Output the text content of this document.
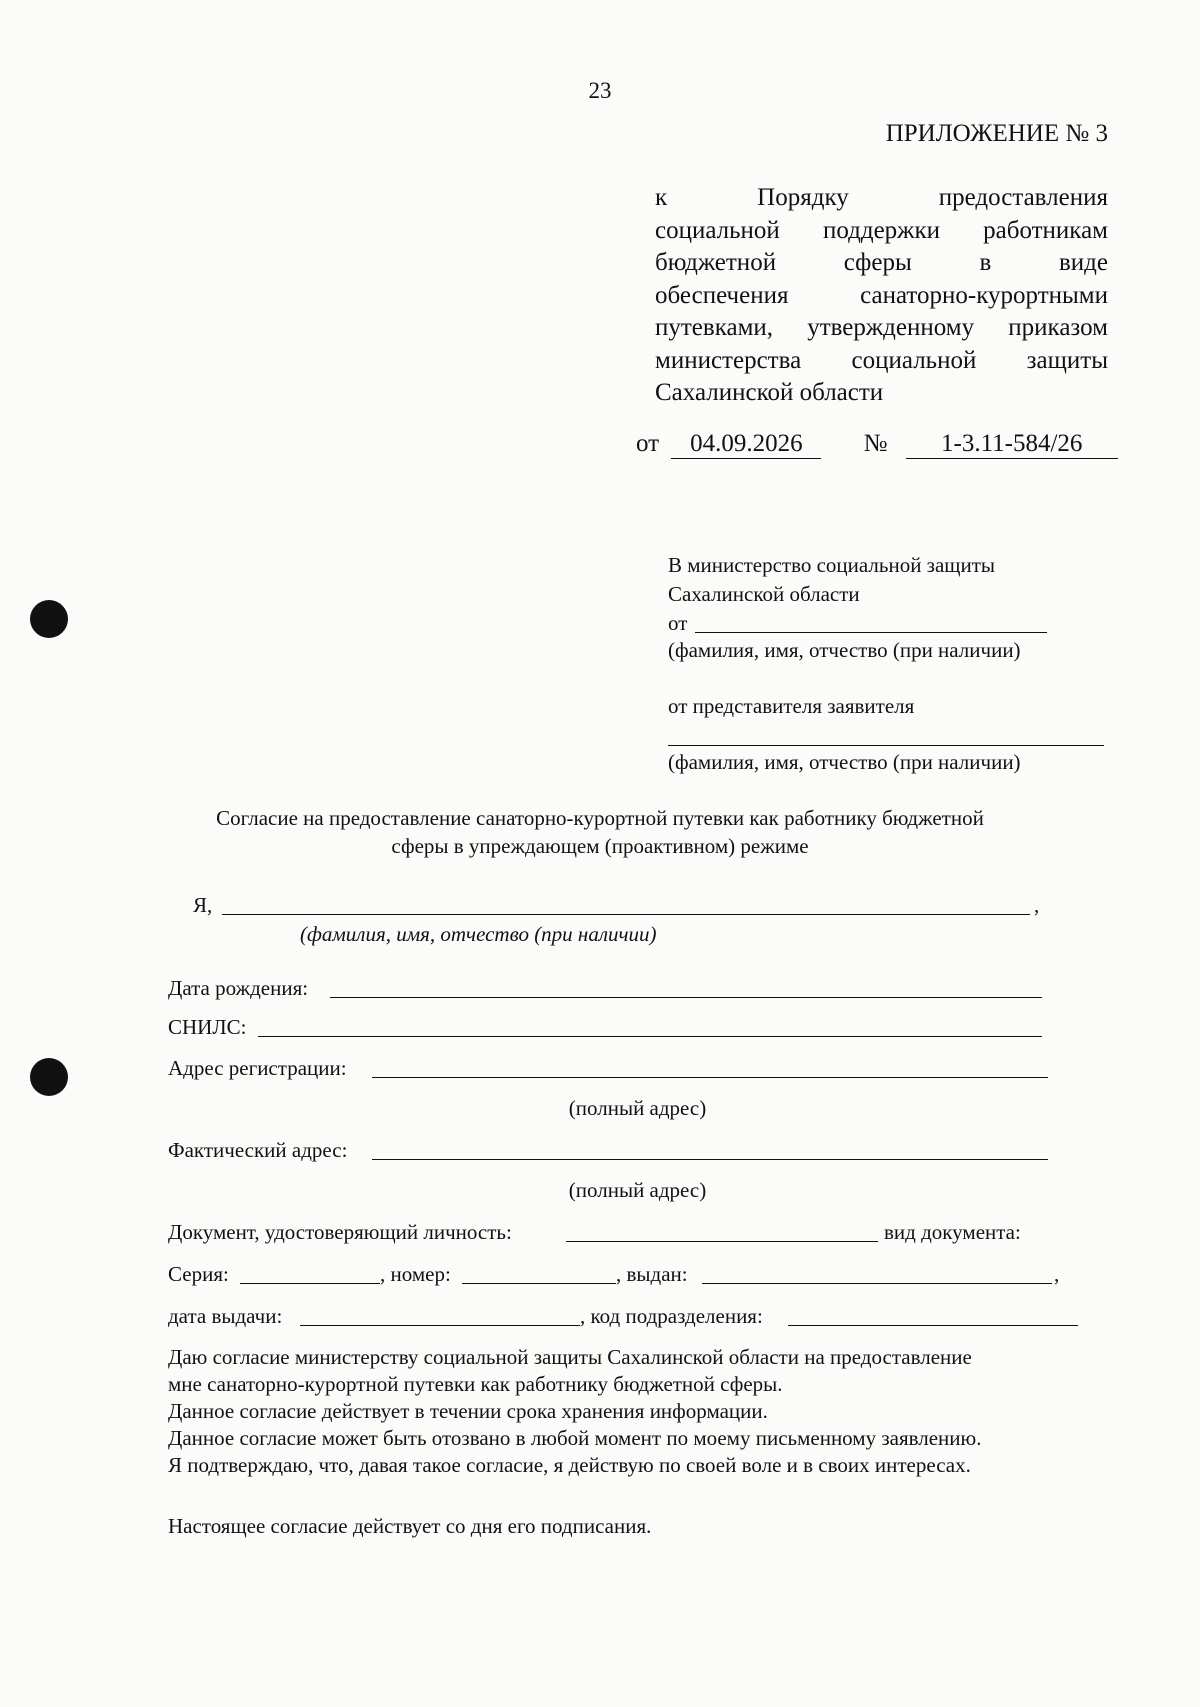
23
ПРИЛОЖЕНИЕ № 3
к Порядку предоставления
социальной поддержки работникам
бюджетной сферы в виде
обеспечения санаторно-курортными
путевками, утвержденному приказом
министерства социальной защиты
Сахалинской области
от 04.09.2026 № 1-3.11-584/26
В министерство социальной защиты
Сахалинской области
от
(фамилия, имя, отчество (при наличии)
от представителя заявителя
(фамилия, имя, отчество (при наличии)
Согласие на предоставление санаторно-курортной путевки как работнику бюджетной
сферы в упреждающем (проактивном) режиме
Я,	,
(фамилия, имя, отчество (при наличии)
Дата рождения:
СНИЛС:
Адрес регистрации:
(полный адрес)
Фактический адрес:
(полный адрес)
Документ, удостоверяющий личность:	вид документа:
Серия:	, номер:	, выдан:	,
дата выдачи:	, код подразделения:
Даю согласие министерству социальной защиты Сахалинской области на предоставление
мне санаторно-курортной путевки как работнику бюджетной сферы.
Данное согласие действует в течении срока хранения информации.
Данное согласие может быть отозвано в любой момент по моему письменному заявлению.
Я подтверждаю, что, давая такое согласие, я действую по своей воле и в своих интересах.
Настоящее согласие действует со дня его подписания.
